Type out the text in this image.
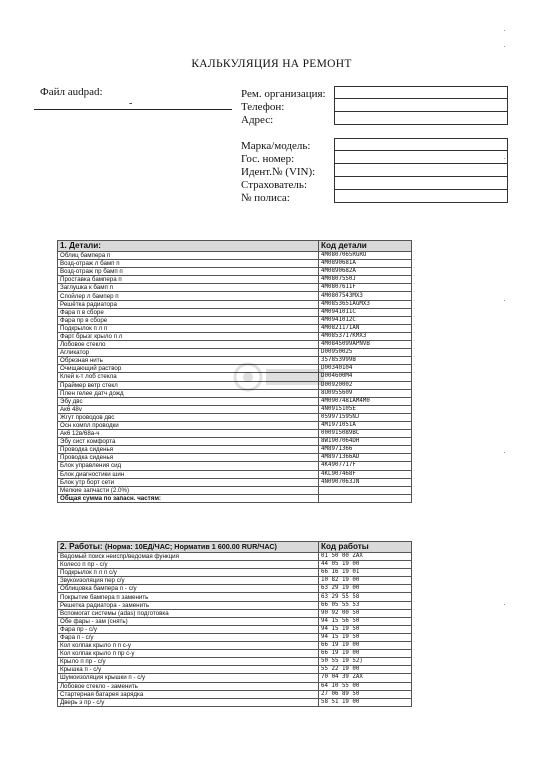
КАЛЬКУЛЯЦИЯ НА РЕМОНТ
Файл audpad:
-
Рем. организация:
Телефон:
Адрес:
Марка/модель:
Гос. номер:
Идент.№ (VIN):
Страхователь:
№ полиса:
1. Детали:	Код детали
Облиц бампера п	4M0807065RGRU
Возд-отраж л бамп п	4M0890681A
Возд-отраж пр бамп п	4M0890682A
Проставка бампера п	4M0807550J
Заглушка к бамп п	4M0807611F
Спойлер л бампер п	4M0807543MX3
Решётка радиатора	4M0853651AGMX3
Фара п в сборе	4M0941011C
Фара пр в сборе	4M0941012C
Подкрылок п л п	4M0821171AN
Фарт брызг крыло п л	4M0853717KMX3
Лобовое стекло	4M0845099APNVB
Агликатор	D00950025
Обрезная нить	357853999B
Очищающий раствор	D00340104
Клей к-т лоб стекла	D004600M4
Праймер ветр стекл	D00920002
Плен гелее датч дожд	8U0955609
Эбу двс	4M0907481AM4M0
Ак6 48v	4N0915105E
Жгут проводов двс	059971595NJ
Осн компл проводки	4M1971051A
Ак6 12в/68а-ч	000915089BC
Эбу сист комфорта	8W1907064DH
Проводка сиденья	4M8971366
Проводка сиденья	4M8971366AD
Блок управления сид	4K4907717F
Блок диагностики шин	4KL907468F
Блок утр борт сети	4N0907063JN
Мелкие запчасти (2.0%)	
Общая сумма по запасн. частям:	
2. Работы: (Норма: 10ЕД/ЧАС; Норматив 1 600.00 RUR/ЧАС)	Код работы
Ведомый поиск неиспр/ведомая функция	01 50 00 ZAX
Колесо п пр - с/у	44 05 19 00
Подкрылок п л п с/у	66 16 19 01
Звукоизоляция пер с/у	10 82 19 00
Облицовка бампера п - с/у	63 29 19 00
Покрытие бампера п заменить	63 29 55 58
Решетка радиатора - заменить	66 05 55 53
Вспомогат системы (adas) подготовка	90 92 00 50
Обе фары - зам (снять)	94 15 56 50
Фара пр - с/у	94 15 19 50
Фара п - с/у	94 15 19 50
Кол колпак крыло п п с-у	66 19 19 00
Кол колпак крыло п пр с-у	66 19 19 00
Крыло п пр - с/у	50 55 19 52)
Крышка п - с/у	55 22 19 00
Шумоизоляция крышки п - с/у	70 04 39 ZAX
Лобовое стекло - заменить	64 10 55 00
Стартерная батарея зарядка	27 06 89 50
Дверь э пр - с/у	58 51 19 00
